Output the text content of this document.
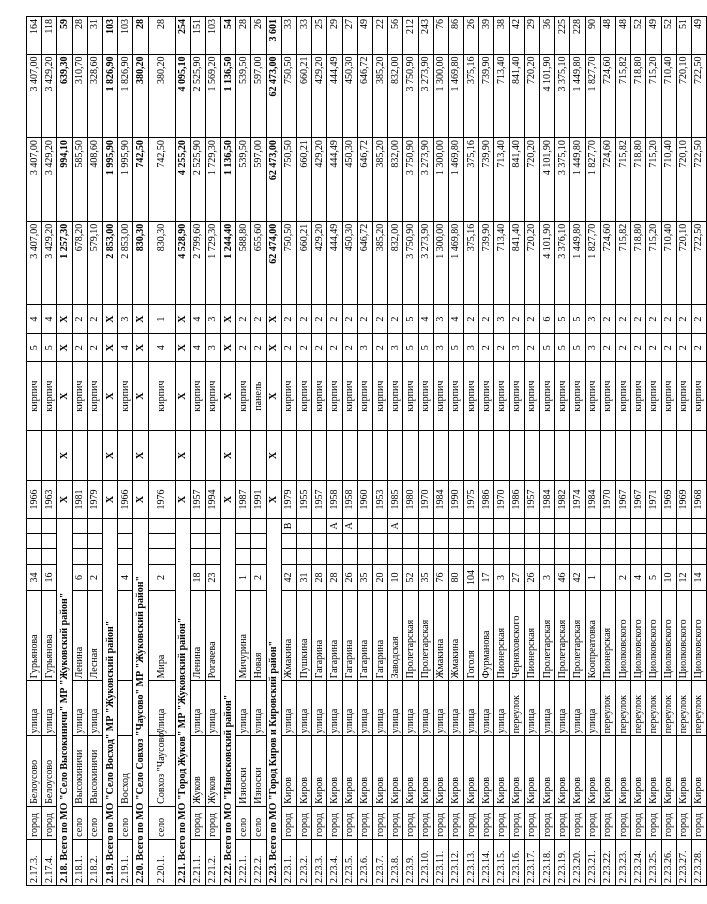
2.17.3.	город	Белоусово	улица	Гурьянова	34				1966		кирпич	5	4	3 407,00	3 407,00	3 407,00	164
2.17.4.	город	Белоусово	улица	Гурьянова	16				1963		кирпич	5	4	3 429,20	3 429,20	3 429,20	118
2.18. Всего по МО "Село Высокиничи" МР "Жуковский район"									X	X	X	X	X	1 257,30	994,10	639,30	59
2.18.1.	село	Высокиничи	улица	Ленина	6				1981		кирпич	2	2	678,20	585,50	310,70	28
2.18.2.	село	Высокиничи	улица	Лесная	2				1979		кирпич	2	2	579,10	408,60	328,60	31
2.19. Всего по МО "Село Восход" МР "Жуковский район"									X	X	X	X	X	2 853,00	1 995,90	1 826,90	103
2.19.1.	село	Восход			4				1966		кирпич	4	3	2 853,00	1 995,90	1 826,90	103
2.20. Всего по МО "Село Совхоз "Чаусово" МР "Жуковский район"									X	X	X	X	X	830,30	742,50	380,20	28
2.20.1.	село	Совхоз "Чаусово"	улица	Мира	2				1976		кирпич	4	1	830,30	742,50	380,20	28
2.21. Всего по МО "Город Жуков" МР "Жуковский район"									X	X	X	X	X	4 528,90	4 255,20	4 095,10	254
2.21.1.	город	Жуков	улица	Ленина	18				1957		кирпич	4	4	2 799,60	2 525,90	2 525,90	151
2.21.2.	город	Жуков	улица	Рогачева	23				1994		кирпич	3	3	1 729,30	1 729,30	1 569,20	103
2.22. Всего по МО "Износковский район"									X	X	X	X	X	1 244,40	1 136,50	1 136,50	54
2.22.1.	село	Износки	улица	Мичурина	1				1987		кирпич	2	2	588,80	539,50	539,50	28
2.22.2.	село	Износки	улица	Новая	2				1991		панель	2	2	655,60	597,00	597,00	26
2.23. Всего по МО "Город Киров и Кировский район"									X	X	X	X	X	62 474,00	62 473,00	62 473,00	3 601
2.23.1.	город	Киров	улица	Жмакина	42			В	1979		кирпич	2	2	750,50	750,50	750,50	33
2.23.2.	город	Киров	улица	Пушкина	31				1955		кирпич	2	2	660,21	660,21	660,21	33
2.23.3.	город	Киров	улица	Гагарина	28				1957		кирпич	2	2	429,20	429,20	429,20	25
2.23.4.	город	Киров	улица	Гагарина	28			А	1958		кирпич	2	2	444,49	444,49	444,49	29
2.23.5.	город	Киров	улица	Гагарина	26			А	1958		кирпич	2	2	450,30	450,30	450,30	27
2.23.6.	город	Киров	улица	Гагарина	35				1960		кирпич	3	2	646,72	646,72	646,72	49
2.23.7.	город	Киров	улица	Гагарина	20				1953		кирпич	2	2	385,20	385,20	385,20	22
2.23.8.	город	Киров	улица	Заводская	10			А	1985		кирпич	3	2	832,00	832,00	832,00	56
2.23.9.	город	Киров	улица	Пролетарская	52				1980		кирпич	5	5	3 750,90	3 750,90	3 750,90	212
2.23.10.	город	Киров	улица	Пролетарская	35				1970		кирпич	5	4	3 273,90	3 273,90	3 273,90	243
2.23.11.	город	Киров	улица	Жмакина	76				1984		кирпич	3	3	1 300,00	1 300,00	1 300,00	76
2.23.12.	город	Киров	улица	Жмакина	80				1990		кирпич	5	4	1 469,80	1 469,80	1 469,80	86
2.23.13.	город	Киров	улица	Гоголя	104				1975		кирпич	3	2	375,16	375,16	375,16	26
2.23.14.	город	Киров	улица	Фурманова	17				1986		кирпич	2	2	739,90	739,90	739,90	39
2.23.15.	город	Киров	улица	Пионерская	3				1970		кирпич	2	3	713,40	713,40	713,40	38
2.23.16.	город	Киров	переулок	Черняховского	27				1986		кирпич	3	2	841,40	841,40	841,40	42
2.23.17.	город	Киров	улица	Пионерская	26				1957		кирпич	2	2	720,20	720,20	720,20	29
2.23.18.	город	Киров	улица	Пролетарская	3				1984		кирпич	5	6	4 101,90	4 101,90	4 101,90	36
2.23.19.	город	Киров	улица	Пролетарская	46				1982		кирпич	5	5	3 376,10	3 375,10	3 375,10	225
2.23.20.	город	Киров	улица	Пролетарская	42				1974		кирпич	5	5	1 449,80	1 449,80	1 449,80	228
2.23.21.	город	Киров	улица	Коопреатовка	1				1984		кирпич	3	3	1 827,70	1 827,70	1 827,70	90
2.23.22.	город	Киров	переулок	Пионерская					1970		кирпич	2	2	724,60	724,60	724,60	48
2.23.23.	город	Киров	переулок	Циолковского	2				1967		кирпич	2	2	715,82	715,82	715,82	48
2.23.24.	город	Киров	переулок	Циолковского	4				1967		кирпич	2	2	718,80	718,80	718,80	52
2.23.25.	город	Киров	переулок	Циолковского	5				1971		кирпич	2	2	715,20	715,20	715,20	49
2.23.26.	город	Киров	переулок	Циолковского	10				1969		кирпич	2	2	710,40	710,40	710,40	52
2.23.27.	город	Киров	переулок	Циолковского	12				1969		кирпич	2	2	720,10	720,10	720,10	51
2.23.28.	город	Киров	переулок	Циолковского	14				1968		кирпич	2	2	722,50	722,50	722,50	49
